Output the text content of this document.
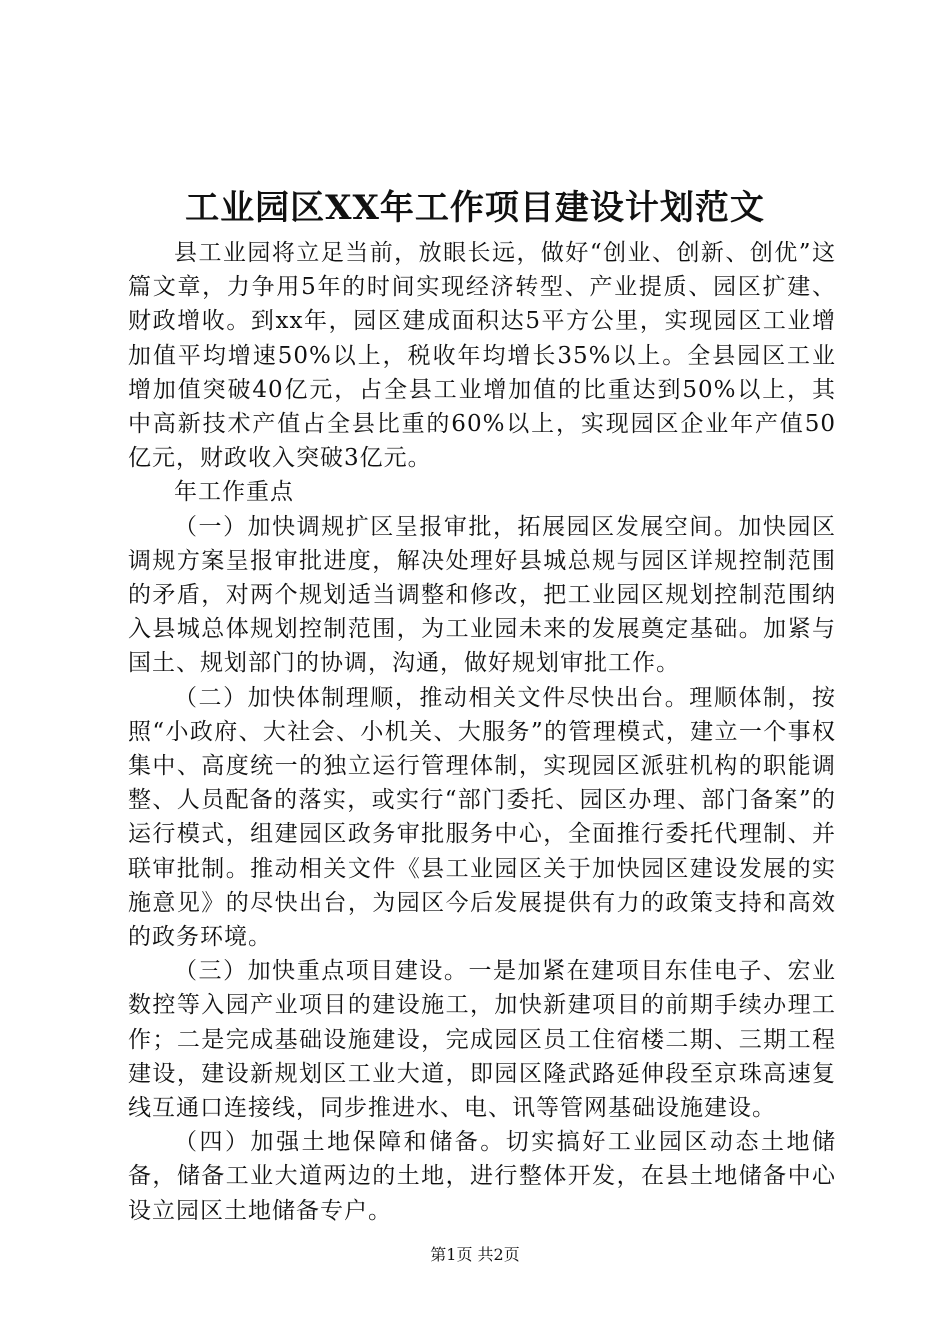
工业园区XX年工作项目建设计划范文

县工业园将立足当前，放眼长远，做好“创业、创新、创优”这篇文章，力争用5年的时间实现经济转型、产业提质、园区扩建、财政增收。到xx年，园区建成面积达5平方公里，实现园区工业增加值平均增速50%以上，税收年均增长35%以上。全县园区工业增加值突破40亿元，占全县工业增加值的比重达到50%以上，其中高新技术产值占全县比重的60%以上，实现园区企业年产值50亿元，财政收入突破3亿元。

年工作重点

（一）加快调规扩区呈报审批，拓展园区发展空间。加快园区调规方案呈报审批进度，解决处理好县城总规与园区详规控制范围的矛盾，对两个规划适当调整和修改，把工业园区规划控制范围纳入县城总体规划控制范围，为工业园未来的发展奠定基础。加紧与国土、规划部门的协调，沟通，做好规划审批工作。

（二）加快体制理顺，推动相关文件尽快出台。理顺体制，按照“小政府、大社会、小机关、大服务”的管理模式，建立一个事权集中、高度统一的独立运行管理体制，实现园区派驻机构的职能调整、人员配备的落实，或实行“部门委托、园区办理、部门备案”的运行模式，组建园区政务审批服务中心，全面推行委托代理制、并联审批制。推动相关文件《县工业园区关于加快园区建设发展的实施意见》的尽快出台，为园区今后发展提供有力的政策支持和高效的政务环境。

（三）加快重点项目建设。一是加紧在建项目东佳电子、宏业数控等入园产业项目的建设施工，加快新建项目的前期手续办理工作；二是完成基础设施建设，完成园区员工住宿楼二期、三期工程建设，建设新规划区工业大道，即园区隆武路延伸段至京珠高速复线互通口连接线，同步推进水、电、讯等管网基础设施建设。

（四）加强土地保障和储备。切实搞好工业园区动态土地储备，储备工业大道两边的土地，进行整体开发，在县土地储备中心设立园区土地储备专户。

第1页 共2页
